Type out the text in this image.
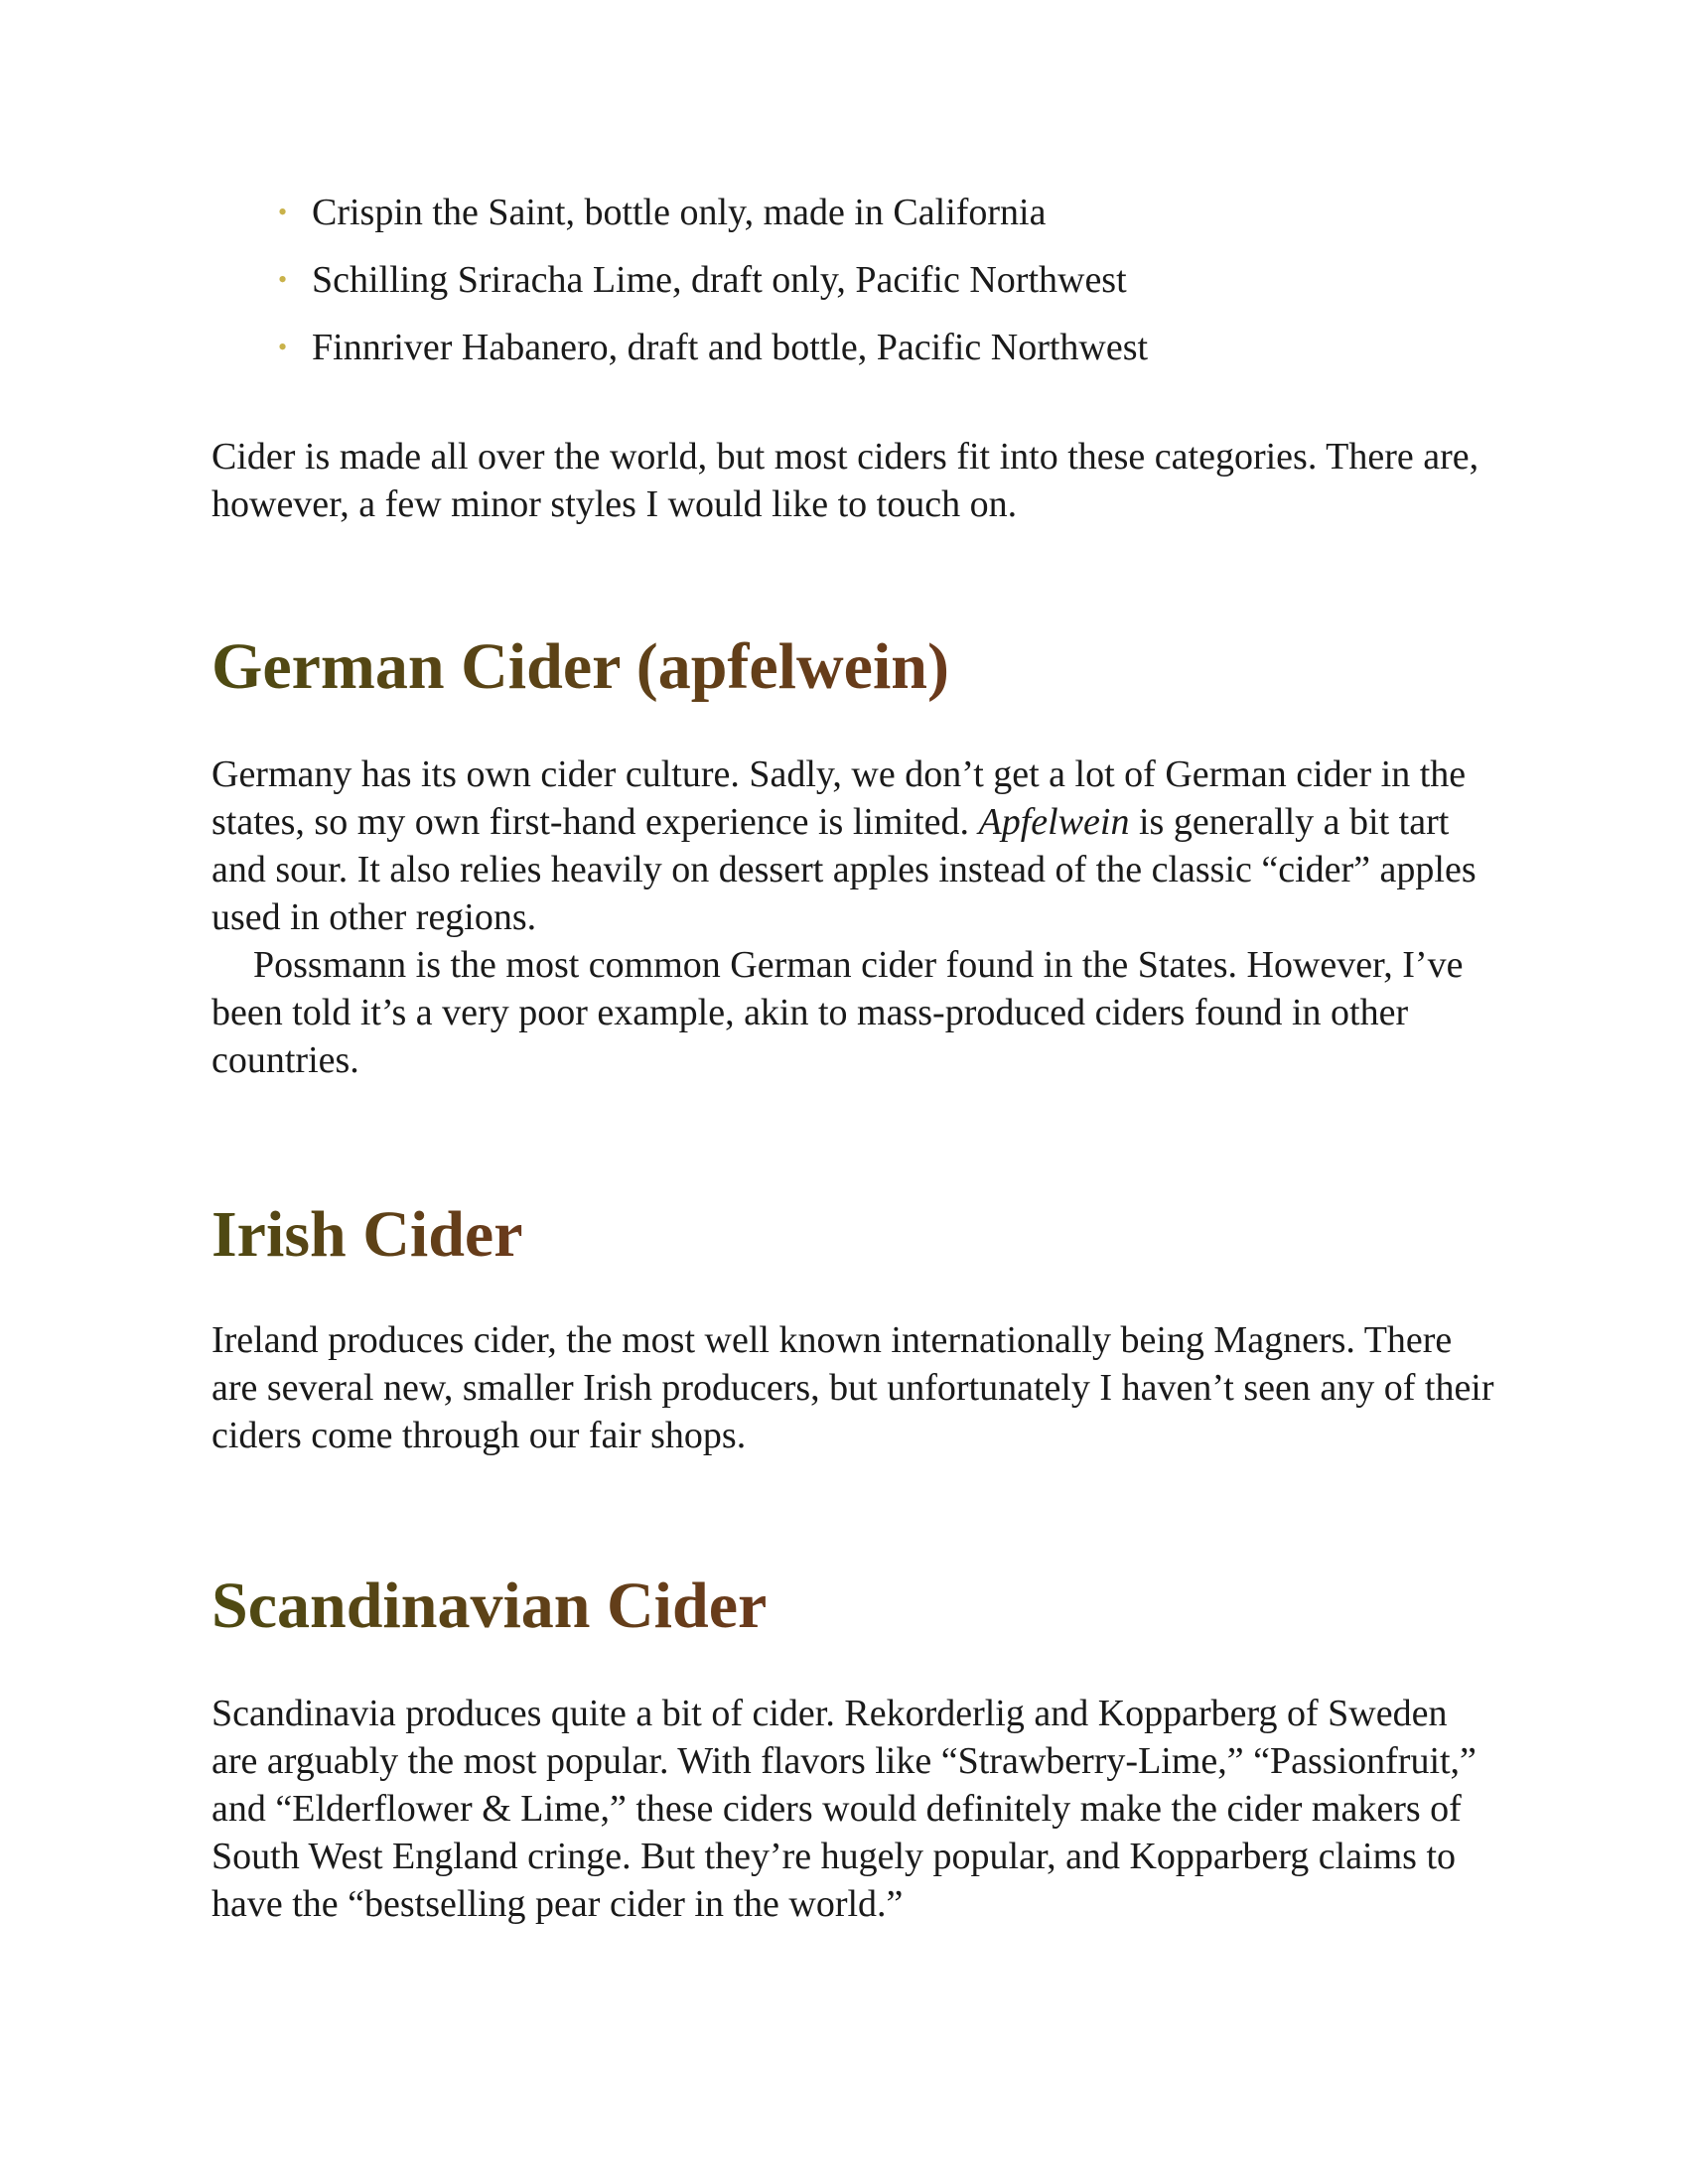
• Crispin the Saint, bottle only, made in California
• Schilling Sriracha Lime, draft only, Pacific Northwest
• Finnriver Habanero, draft and bottle, Pacific Northwest

Cider is made all over the world, but most ciders fit into these categories. There are, however, a few minor styles I would like to touch on.

German Cider (apfelwein)

Germany has its own cider culture. Sadly, we don’t get a lot of German cider in the states, so my own first-hand experience is limited. Apfelwein is generally a bit tart and sour. It also relies heavily on dessert apples instead of the classic “cider” apples used in other regions.

Possmann is the most common German cider found in the States. However, I’ve been told it’s a very poor example, akin to mass-produced ciders found in other countries.

Irish Cider

Ireland produces cider, the most well known internationally being Magners. There are several new, smaller Irish producers, but unfortunately I haven’t seen any of their ciders come through our fair shops.

Scandinavian Cider

Scandinavia produces quite a bit of cider. Rekorderlig and Kopparberg of Sweden are arguably the most popular. With flavors like “Strawberry-Lime,” “Passionfruit,” and “Elderflower & Lime,” these ciders would definitely make the cider makers of South West England cringe. But they’re hugely popular, and Kopparberg claims to have the “bestselling pear cider in the world.”
